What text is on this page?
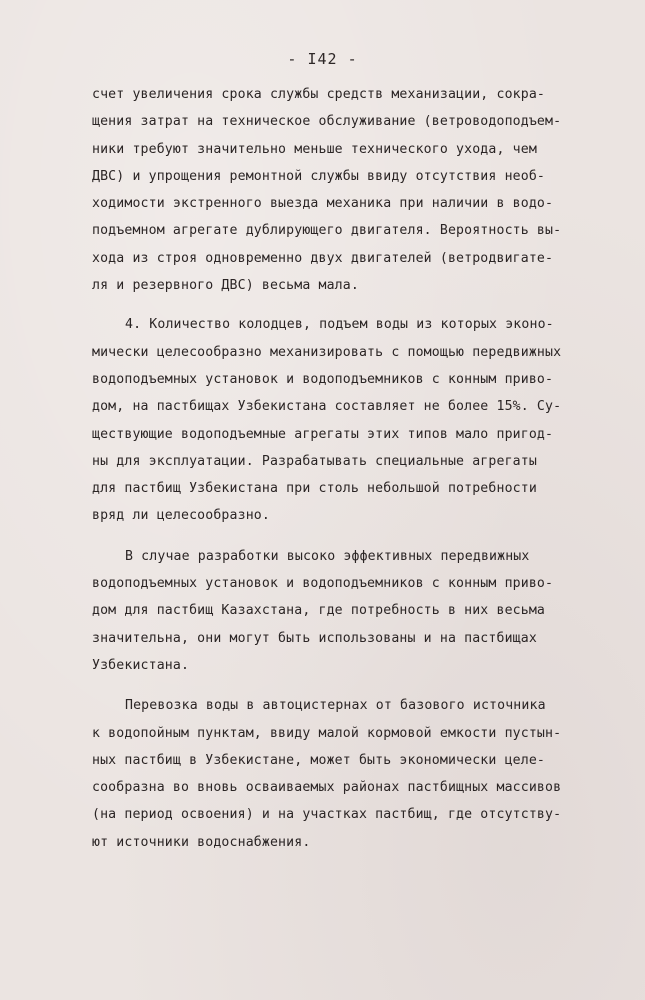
- I42 -
счет увеличения срока службы средств механизации, сокра-
щения затрат на техническое обслуживание (ветроводоподъем-
ники требуют значительно меньше технического ухода, чем
ДВС) и упрощения ремонтной службы ввиду отсутствия необ-
ходимости экстренного выезда механика при наличии в водо-
подъемном агрегате дублирующего двигателя. Вероятность вы-
хода из строя одновременно двух двигателей (ветродвигате-
ля и резервного ДВС) весьма мала.
4. Количество колодцев, подъем воды из которых эконо-
мически целесообразно механизировать с помощью передвижных
водоподъемных установок и водоподъемников с конным приво-
дом, на пастбищах Узбекистана составляет не более 15%. Су-
ществующие водоподъемные агрегаты этих типов мало пригод-
ны для эксплуатации. Разрабатывать специальные агрегаты
для пастбищ Узбекистана при столь небольшой потребности
вряд ли целесообразно.
В случае разработки высоко эффективных передвижных
водоподъемных установок и водоподъемников с конным приво-
дом для пастбищ Казахстана, где потребность в них весьма
значительна, они могут быть использованы и на пастбищах
Узбекистана.
Перевозка воды в автоцистернах от базового источника
к водопойным пунктам, ввиду малой кормовой емкости пустын-
ных пастбищ в Узбекистане, может быть экономически целе-
сообразна во вновь осваиваемых районах пастбищных массивов
(на период освоения) и на участках пастбищ, где отсутству-
ют источники водоснабжения.
